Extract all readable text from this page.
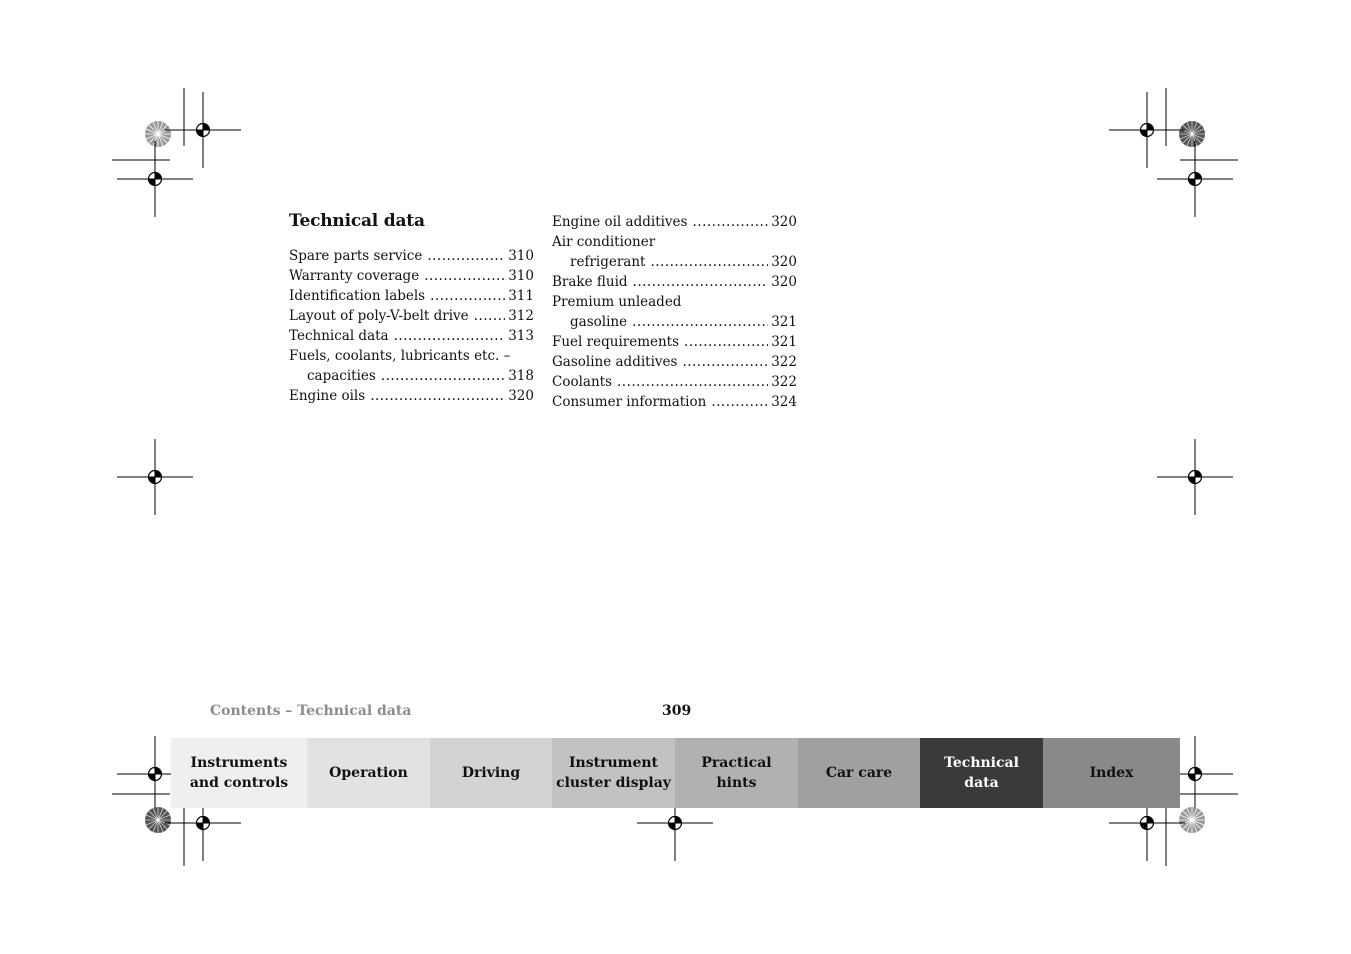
Technical data
Spare parts service .....	310
Warranty coverage .....	310
Identification labels .....	311
Layout of poly-V-belt drive .....	312
Technical data .....	313
Fuels, coolants, lubricants etc. –
capacities .....	318
Engine oils .....	320
Engine oil additives .....	320
Air conditioner
refrigerant .....	320
Brake fluid .....	320
Premium unleaded
gasoline .....	321
Fuel requirements .....	321
Gasoline additives .....	322
Coolants .....	322
Consumer information .....	324
Contents – Technical data	309
Instruments
and controls
Operation	Driving
Instrument
cluster display
Practical hints
Car care
Technical
data
Index
